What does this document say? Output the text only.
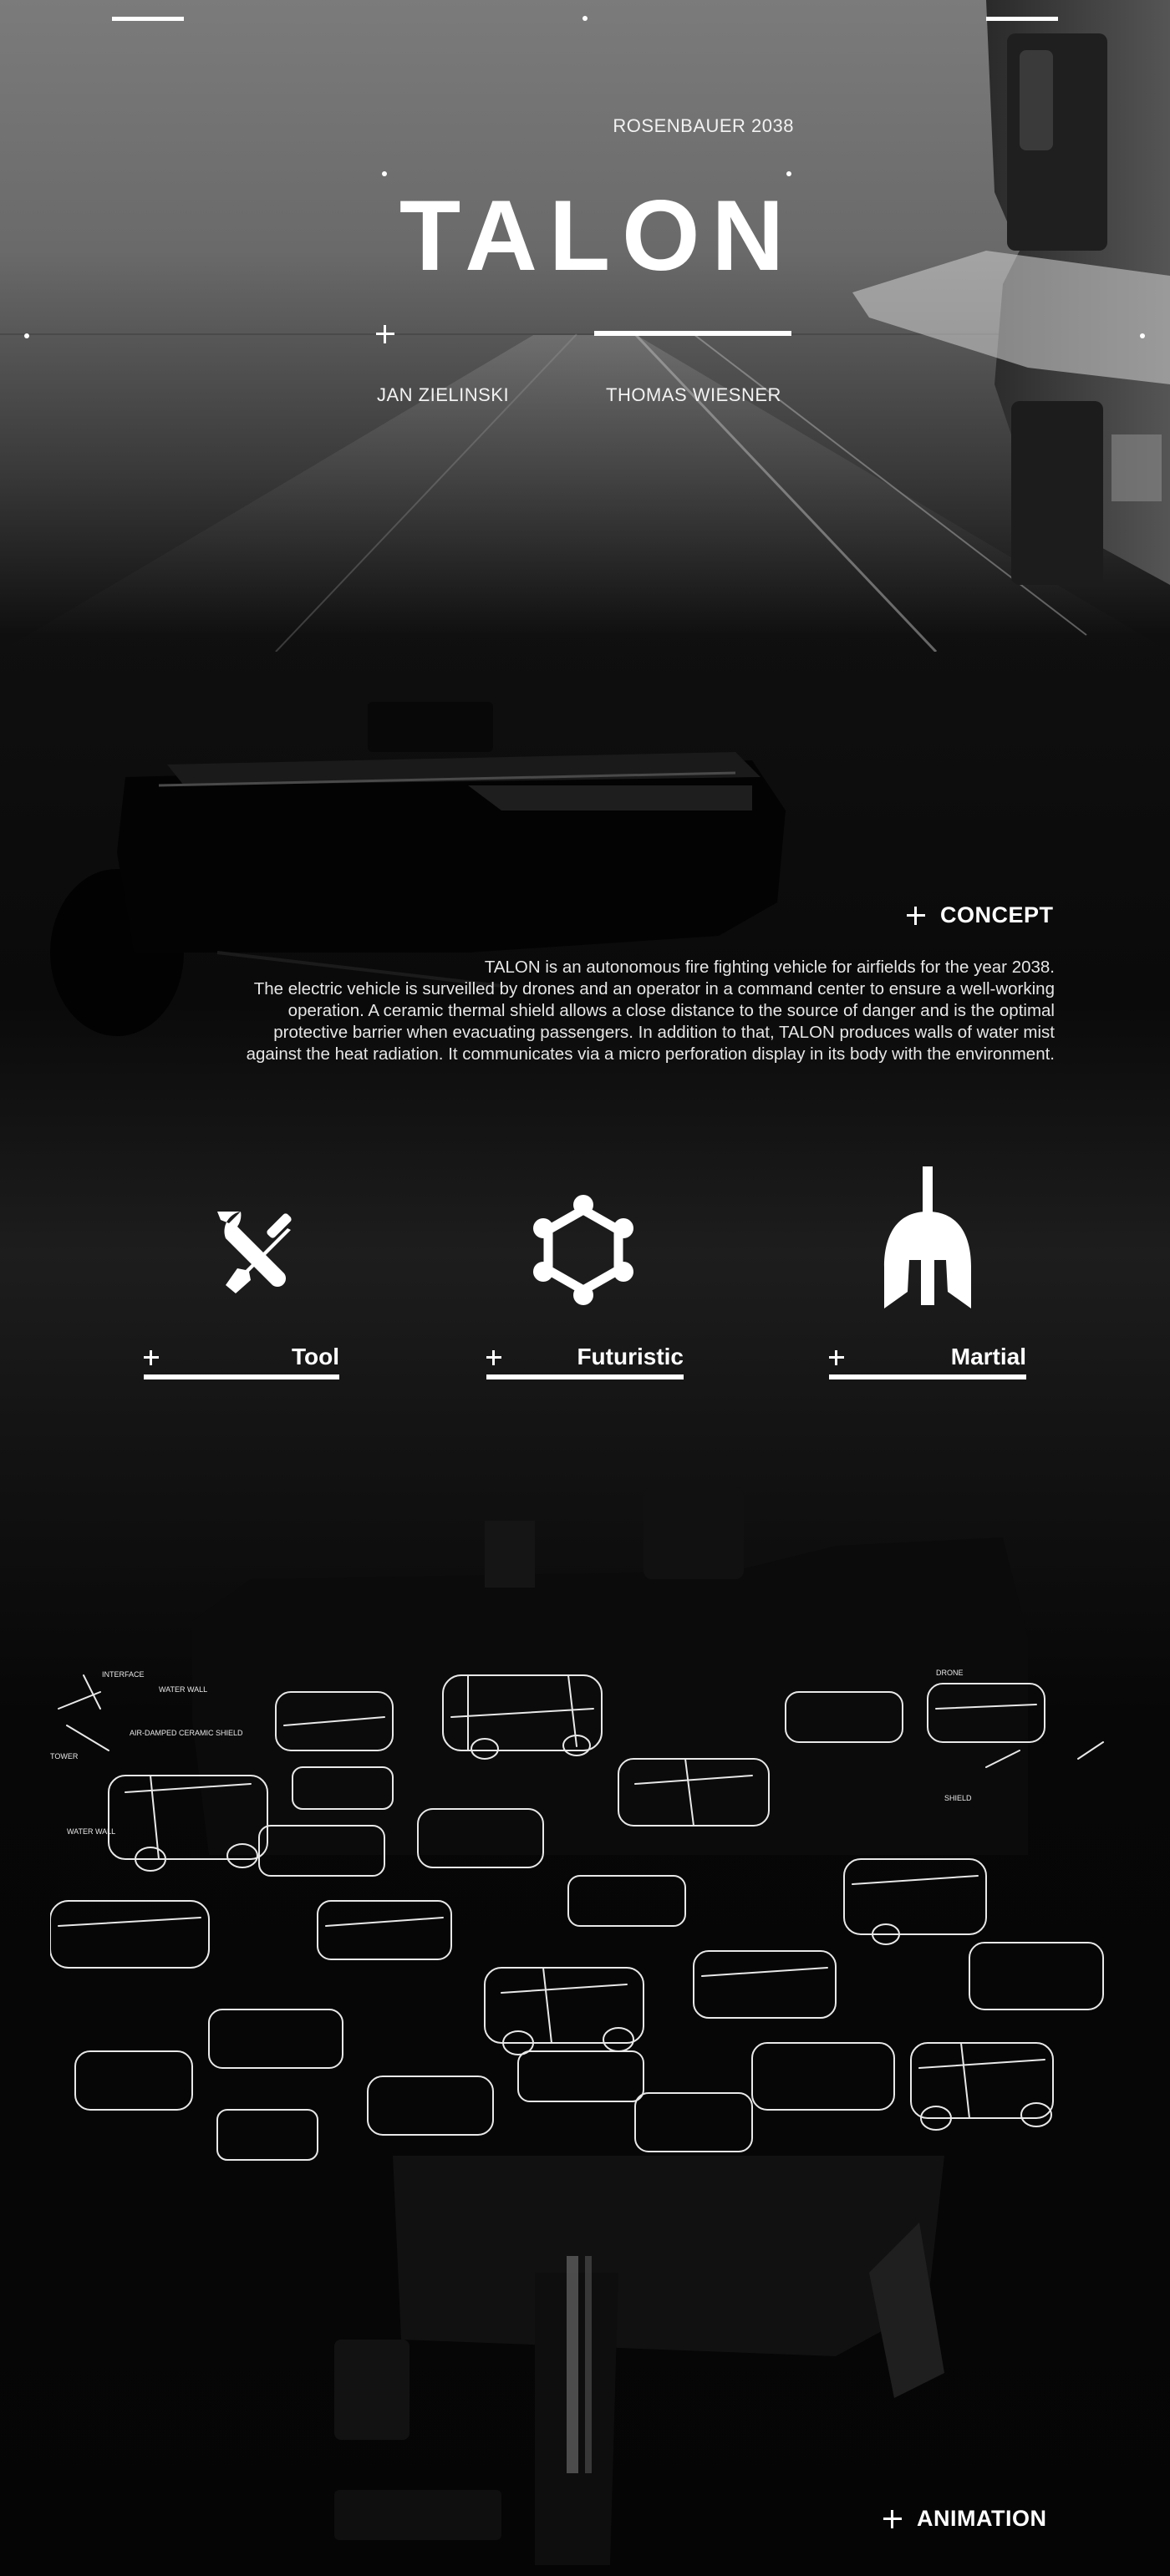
ROSENBAUER 2038
TALON
JAN ZIELINSKI	THOMAS WIESNER
CONCEPT
TALON is an autonomous fire fighting vehicle for airfields for the year 2038.
The electric vehicle is surveilled by drones and an operator in a command center to ensure a well-working
operation. A ceramic thermal shield allows a close distance to the source of danger and is the optimal
protective barrier when evacuating passengers. In addition to that, TALON produces walls of water mist
against the heat radiation. It communicates via a micro perforation display in its body with the environment.
Tool	Futuristic	Martial
INTERFACE
WATER WALL
AIR-DAMPED CERAMIC SHIELD
TOWER
WATER WALL
DRONE
SHIELD
ANIMATION
